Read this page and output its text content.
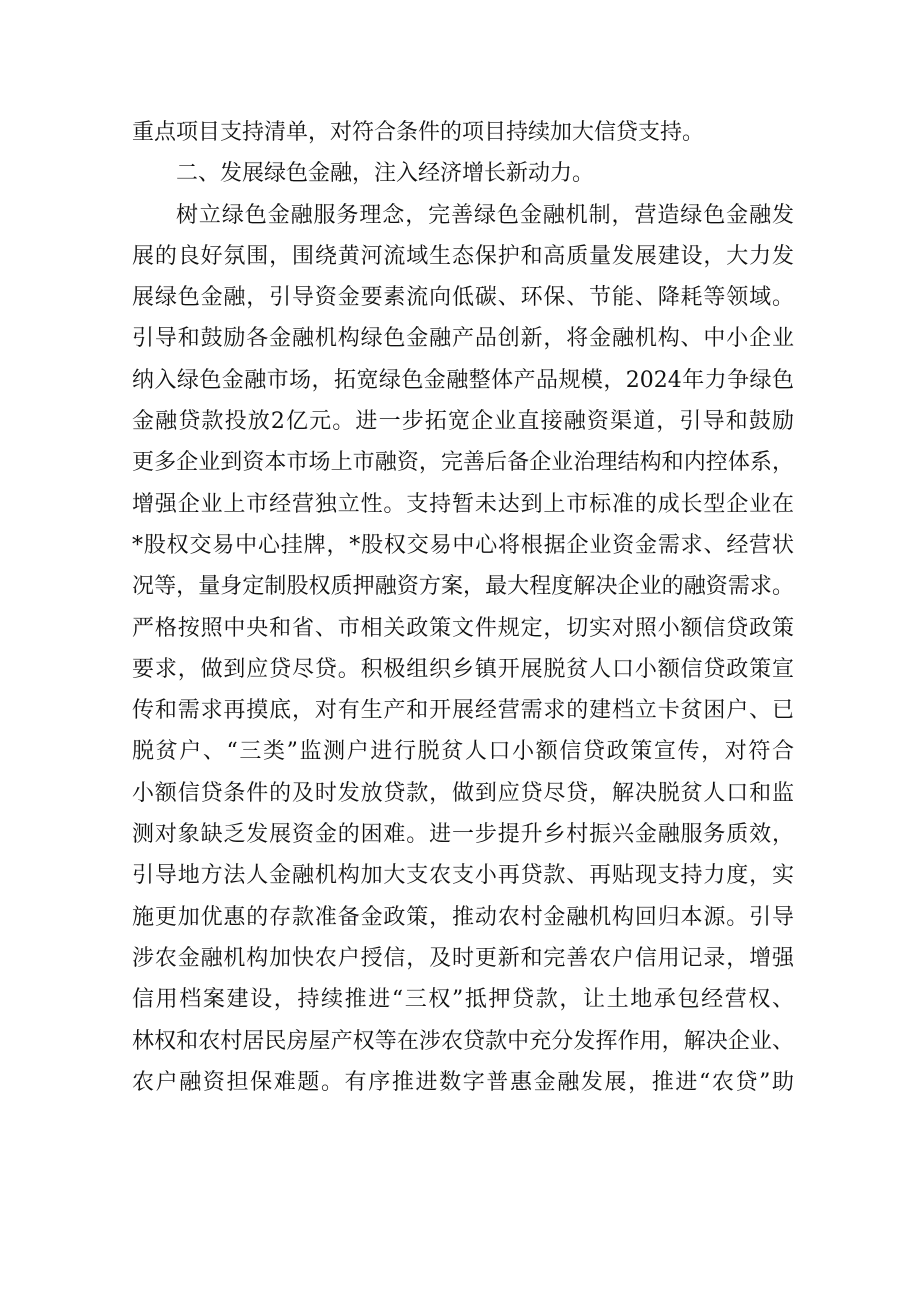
重点项目支持清单，对符合条件的项目持续加大信贷支持。
二、发展绿色金融，注入经济增长新动力。
树立绿色金融服务理念，完善绿色金融机制，营造绿色金融发
展的良好氛围，围绕黄河流域生态保护和高质量发展建设，大力发
展绿色金融，引导资金要素流向低碳、环保、节能、降耗等领域。
引导和鼓励各金融机构绿色金融产品创新，将金融机构、中小企业
纳入绿色金融市场，拓宽绿色金融整体产品规模，2024年力争绿色
金融贷款投放2亿元。进一步拓宽企业直接融资渠道，引导和鼓励
更多企业到资本市场上市融资，完善后备企业治理结构和内控体系，
增强企业上市经营独立性。支持暂未达到上市标准的成长型企业在
*股权交易中心挂牌，*股权交易中心将根据企业资金需求、经营状
况等，量身定制股权质押融资方案，最大程度解决企业的融资需求。
严格按照中央和省、市相关政策文件规定，切实对照小额信贷政策
要求，做到应贷尽贷。积极组织乡镇开展脱贫人口小额信贷政策宣
传和需求再摸底，对有生产和开展经营需求的建档立卡贫困户、已
脱贫户、“三类”监测户进行脱贫人口小额信贷政策宣传，对符合
小额信贷条件的及时发放贷款，做到应贷尽贷，解决脱贫人口和监
测对象缺乏发展资金的困难。进一步提升乡村振兴金融服务质效，
引导地方法人金融机构加大支农支小再贷款、再贴现支持力度，实
施更加优惠的存款准备金政策，推动农村金融机构回归本源。引导
涉农金融机构加快农户授信，及时更新和完善农户信用记录，增强
信用档案建设，持续推进“三权”抵押贷款，让土地承包经营权、
林权和农村居民房屋产权等在涉农贷款中充分发挥作用，解决企业、
农户融资担保难题。有序推进数字普惠金融发展，推进“农贷”助
